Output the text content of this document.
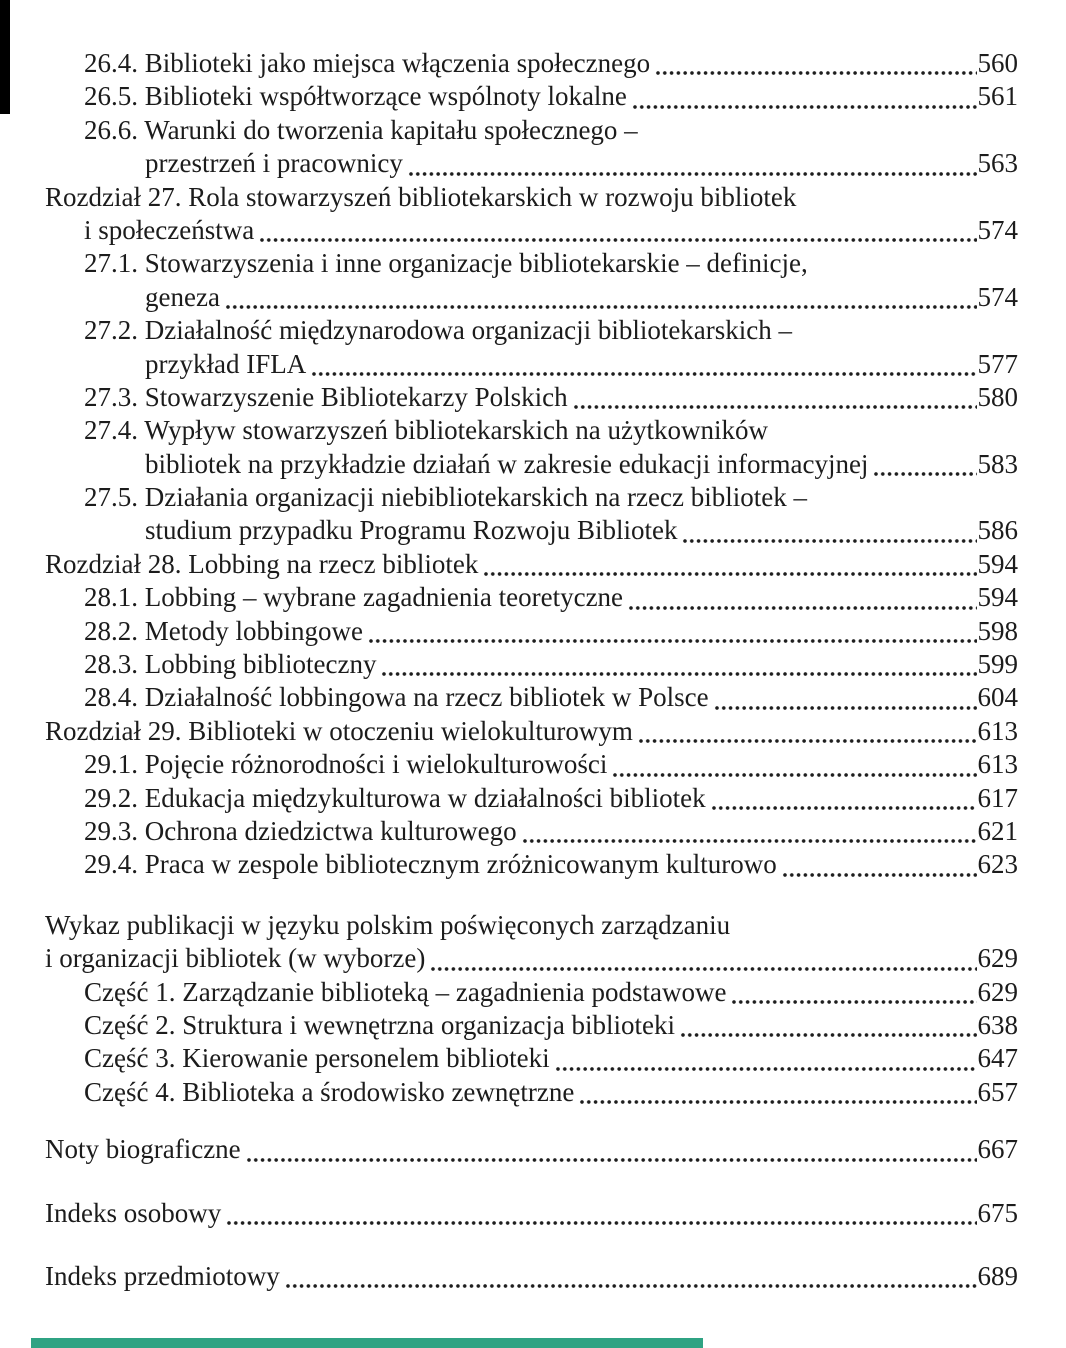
26.4. Biblioteki jako miejsca włączenia społecznego	560
26.5. Biblioteki współtworzące wspólnoty lokalne	561
26.6. Warunki do tworzenia kapitału społecznego –
przestrzeń i pracownicy	563
Rozdział 27. Rola stowarzyszeń bibliotekarskich w rozwoju bibliotek
i społeczeństwa	574
27.1. Stowarzyszenia i inne organizacje bibliotekarskie – definicje,
geneza	574
27.2. Działalność międzynarodowa organizacji bibliotekarskich –
przykład IFLA	577
27.3. Stowarzyszenie Bibliotekarzy Polskich	580
27.4. Wypływ stowarzyszeń bibliotekarskich na użytkowników
bibliotek na przykładzie działań w zakresie edukacji informacyjnej	583
27.5. Działania organizacji niebibliotekarskich na rzecz bibliotek –
studium przypadku Programu Rozwoju Bibliotek	586
Rozdział 28. Lobbing na rzecz bibliotek	594
28.1. Lobbing – wybrane zagadnienia teoretyczne	594
28.2. Metody lobbingowe	598
28.3. Lobbing biblioteczny	599
28.4. Działalność lobbingowa na rzecz bibliotek w Polsce	604
Rozdział 29. Biblioteki w otoczeniu wielokulturowym	613
29.1. Pojęcie różnorodności i wielokulturowości	613
29.2. Edukacja międzykulturowa w działalności bibliotek	617
29.3. Ochrona dziedzictwa kulturowego	621
29.4. Praca w zespole bibliotecznym zróżnicowanym kulturowo	623
Wykaz publikacji w języku polskim poświęconych zarządzaniu
i organizacji bibliotek (w wyborze)	629
Część 1. Zarządzanie biblioteką – zagadnienia podstawowe	629
Część 2. Struktura i wewnętrzna organizacja biblioteki	638
Część 3. Kierowanie personelem biblioteki	647
Część 4. Biblioteka a środowisko zewnętrzne	657
Noty biograficzne	667
Indeks osobowy	675
Indeks przedmiotowy	689
